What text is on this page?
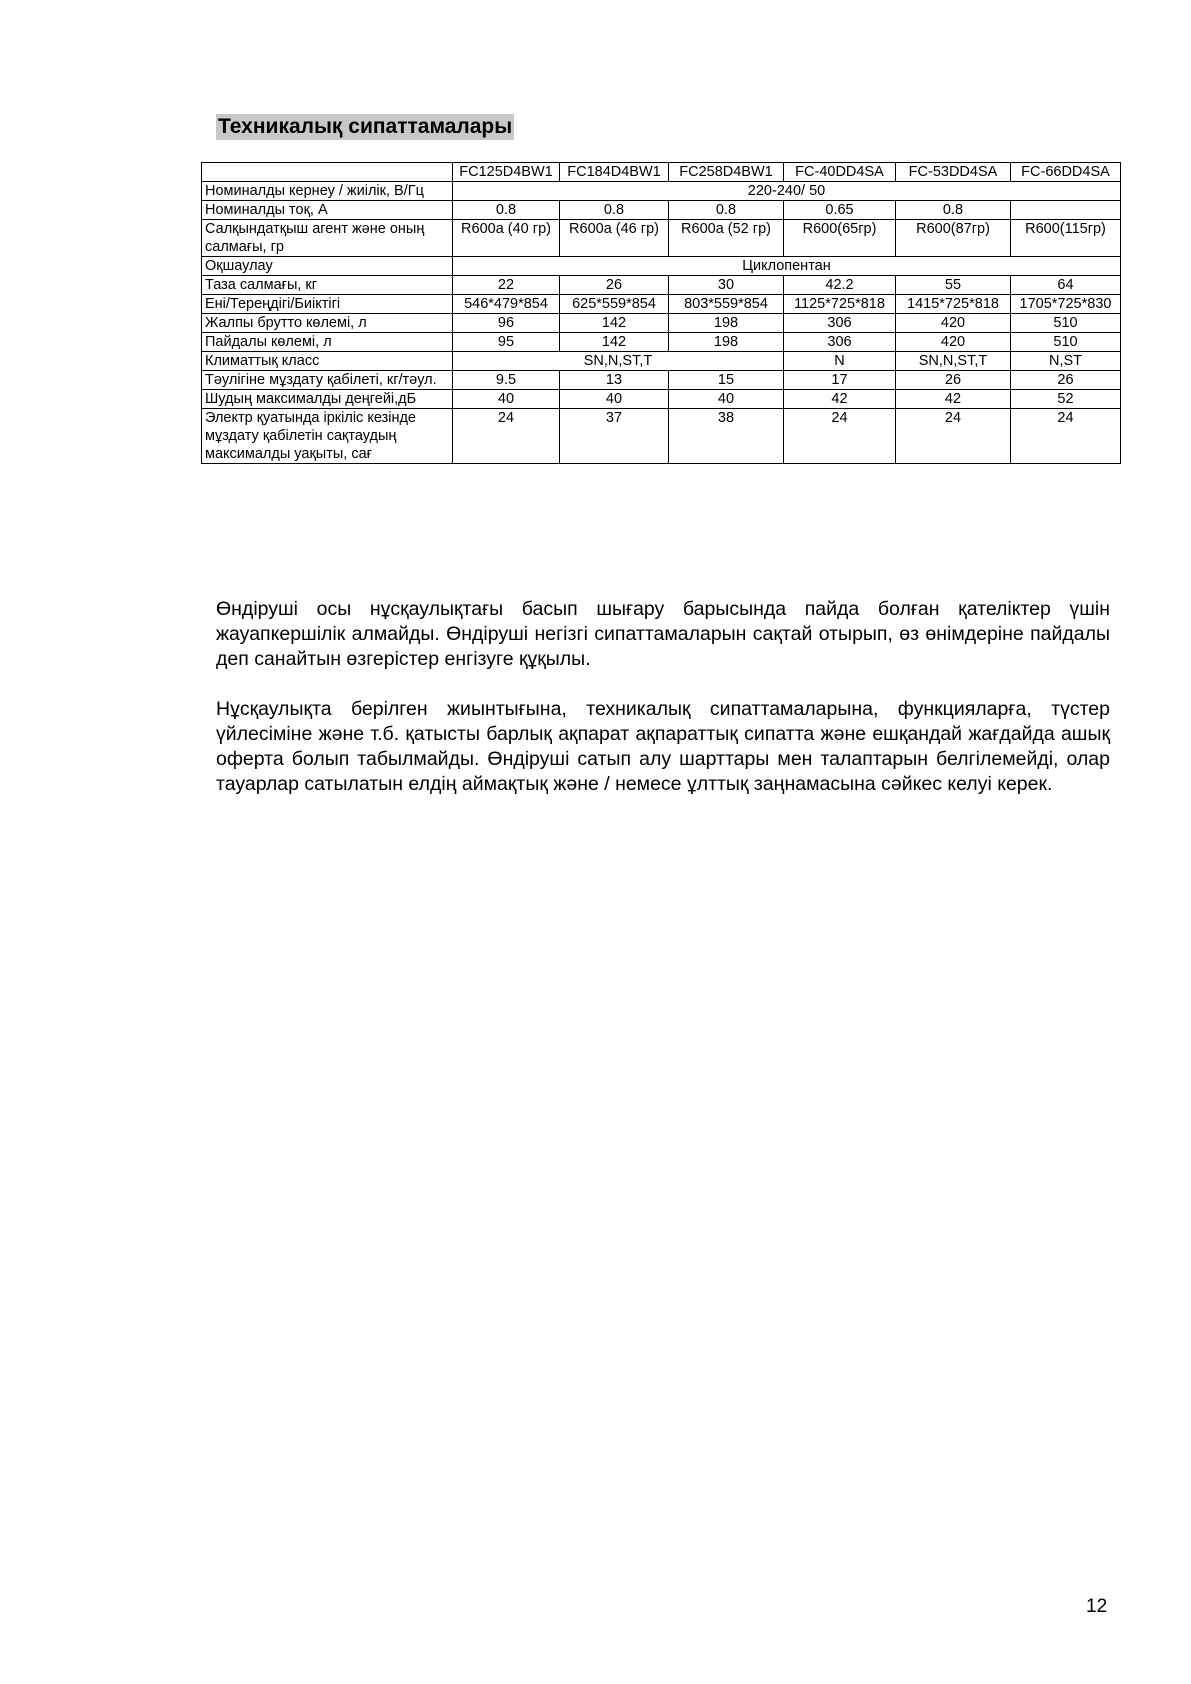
Техникалық сипаттамалары
	FC125D4BW1	FC184D4BW1	FC258D4BW1	FC-40DD4SA	FC-53DD4SA	FC-66DD4SA
Номиналды кернеу / жиілік, В/Гц	220-240/ 50					
Номиналды тоқ, А	0.8	0.8	0.8	0.65	0.8	
Салқындатқыш агент және оның салмағы, гр	R600a (40 гр)	R600a (46 гр)	R600a (52 гр)	R600(65гр)	R600(87гр)	R600(115гр)
Оқшаулау	Циклопентан					
Таза салмағы, кг	22	26	30	42.2	55	64
Ені/Тереңдігі/Биіктігі	546*479*854	625*559*854	803*559*854	1125*725*818	1415*725*818	1705*725*830
Жалпы брутто көлемі, л	96	142	198	306	420	510
Пайдалы көлемі, л	95	142	198	306	420	510
Климаттық класс	SN,N,ST,T			N	SN,N,ST,T	N,ST
Тәулігіне мұздату қабілеті, кг/тәул.	9.5	13	15	17	26	26
Шудың максималды деңгейі,дБ	40	40	40	42	42	52
Электр қуатында іркіліс кезінде мұздату қабілетін сақтаудың максималды уақыты, сағ	24	37	38	24	24	24

Өндіруші осы нұсқаулықтағы басып шығару барысында пайда болған қателіктер үшін жауапкершілік алмайды. Өндіруші негізгі сипаттамаларын сақтай отырып, өз өнімдеріне пайдалы деп санайтын өзгерістер енгізуге құқылы.

Нұсқаулықта берілген жиынтығына, техникалық сипаттамаларына, функцияларға, түстер үйлесіміне және т.б. қатысты барлық ақпарат ақпараттық сипатта және ешқандай жағдайда ашық оферта болып табылмайды. Өндіруші сатып алу шарттары мен талаптарын белгілемейді, олар тауарлар сатылатын елдің аймақтық және / немесе ұлттық заңнамасына сәйкес келуі керек.

12
